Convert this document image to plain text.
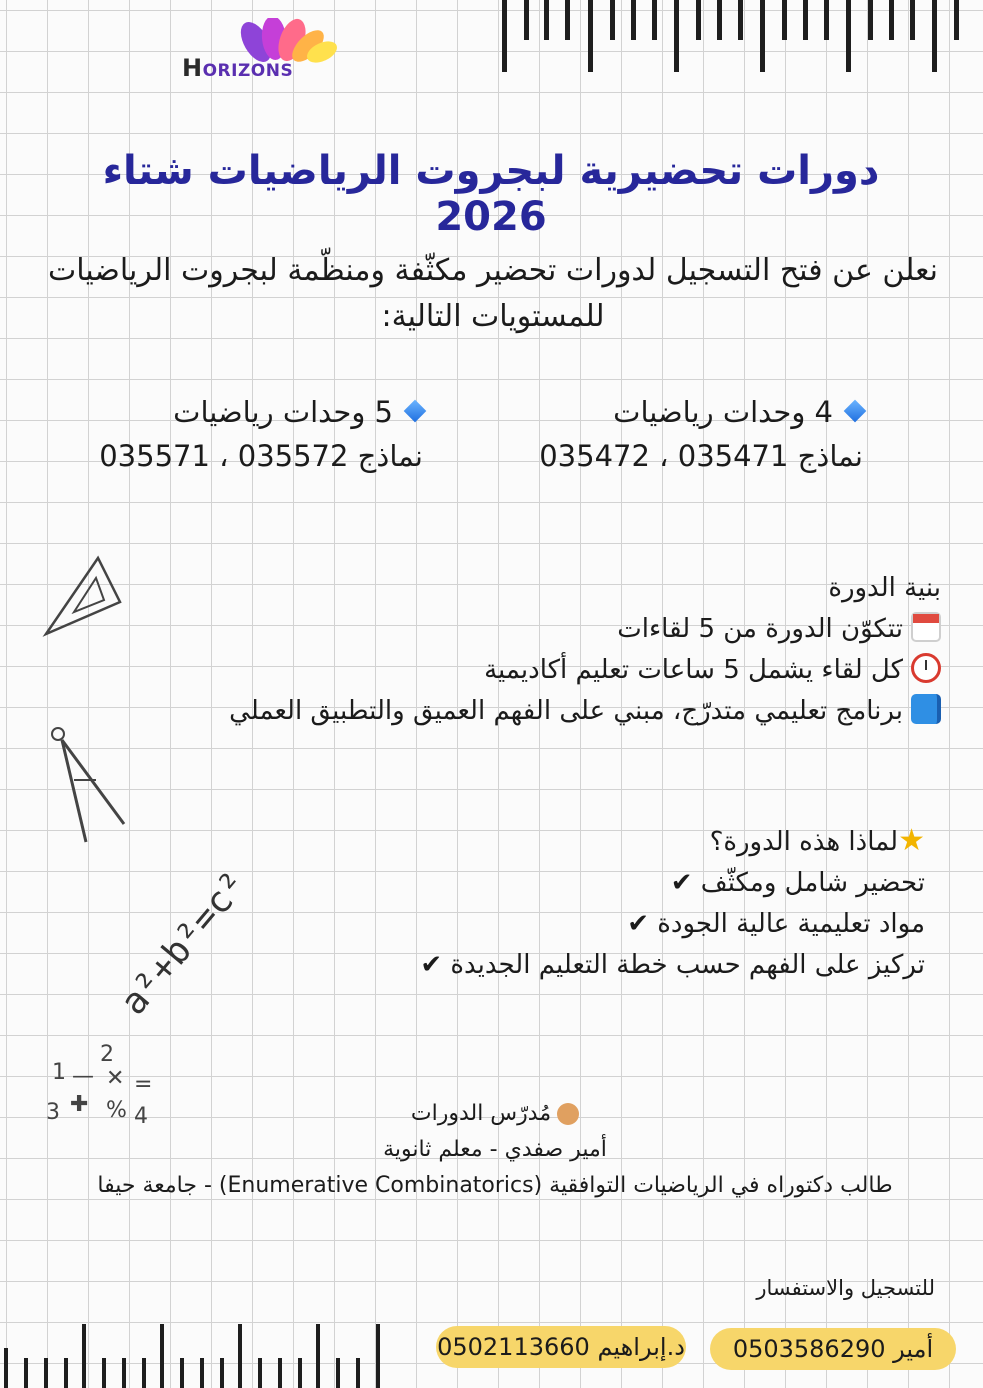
HORIZONS
دورات تحضيرية لبجروت الرياضيات شتاء 2026
نعلن عن فتح التسجيل لدورات تحضير مكثّفة ومنظّمة لبجروت الرياضيات
للمستويات التالية:
4 وحدات رياضيات
نماذج 035471 ، 035472
5 وحدات رياضيات
نماذج 035572 ، 035571
بنية الدورة
تتكوّن الدورة من 5 لقاءات
كل لقاء يشمل 5 ساعات تعليم أكاديمية
برنامج تعليمي متدرّج، مبني على الفهم العميق والتطبيق العملي
★لماذا هذه الدورة؟
تحضير شامل ومكثّف ✔
مواد تعليمية عالية الجودة ✔
تركيز على الفهم حسب خطة التعليم الجديدة ✔
مُدرّس الدورات
أمير صفدي - معلم ثانوية
طالب دكتوراه في الرياضيات التوافقية (Enumerative Combinatorics) - جامعة حيفا
للتسجيل والاستفسار
أمير 0503586290
د.إبراهيم 0502113660
a²+b²=c²
1 —
2
✕ =
3 ✚ % 4
